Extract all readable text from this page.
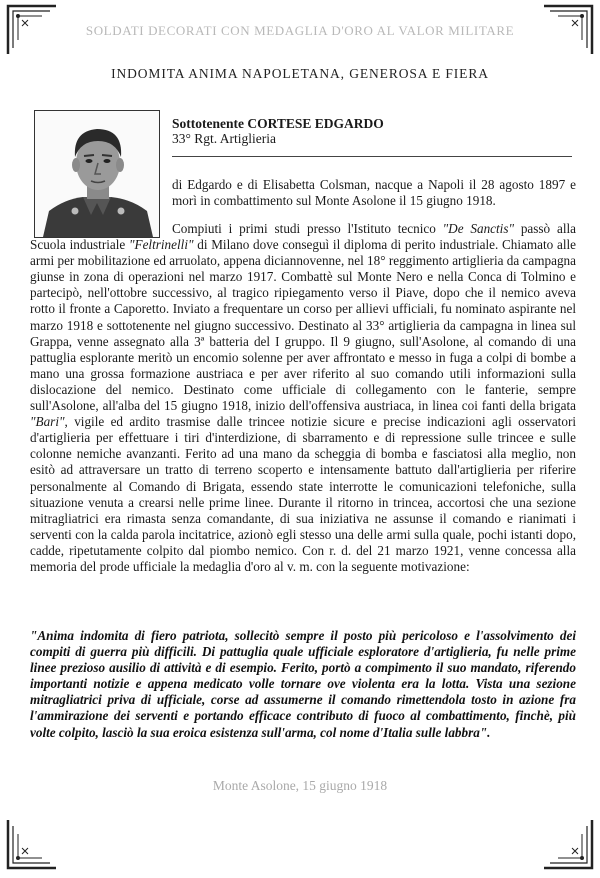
SOLDATI DECORATI CON MEDAGLIA D'ORO AL VALOR MILITARE
INDOMITA ANIMA NAPOLETANA, GENEROSA E FIERA
Sottotenente CORTESE EDGARDO
33° Rgt. Artiglieria

di Edgardo e di Elisabetta Colsman, nacque a Napoli il 28 agosto 1897 e morì in combattimento sul Monte Asolone il 15 giugno 1918.

Compiuti i primi studi presso l'Istituto tecnico "De Sanctis" passò alla Scuola industriale "Feltrinelli" di Milano dove conseguì il diploma di perito industriale. Chiamato alle armi per mobilitazione ed arruolato, appena diciannovenne, nel 18° reggimento artiglieria da campagna giunse in zona di operazioni nel marzo 1917. Combattè sul Monte Nero e nella Conca di Tolmino e partecipò, nell'ottobre successivo, al tragico ripiegamento verso il Piave, dopo che il nemico aveva rotto il fronte a Caporetto. Inviato a frequentare un corso per allievi ufficiali, fu nominato aspirante nel marzo 1918 e sottotenente nel giugno successivo. Destinato al 33° artiglieria da campagna in linea sul Grappa, venne assegnato alla 3ª batteria del I gruppo. Il 9 giugno, sull'Asolone, al comando di una pattuglia esplorante meritò un encomio solenne per aver affrontato e messo in fuga a colpi di bombe a mano una grossa formazione austriaca e per aver riferito al suo comando utili informazioni sulla dislocazione del nemico. Destinato come ufficiale di collegamento con le fanterie, sempre sull'Asolone, all'alba del 15 giugno 1918, inizio dell'offensiva austriaca, in linea coi fanti della brigata "Bari", vigile ed ardito trasmise dalle trincee notizie sicure e precise indicazioni agli osservatori d'artiglieria per effettuare i tiri d'interdizione, di sbarramento e di repressione sulle trincee e sulle colonne nemiche avanzanti. Ferito ad una mano da scheggia di bomba e fasciatosi alla meglio, non esitò ad attraversare un tratto di terreno scoperto e intensamente battuto dall'artiglieria per riferire personalmente al Comando di Brigata, essendo state interrotte le comunicazioni telefoniche, sulla situazione venuta a crearsi nelle prime linee. Durante il ritorno in trincea, accortosi che una sezione mitragliatrici era rimasta senza comandante, di sua iniziativa ne assunse il comando e rianimati i serventi con la calda parola incitatrice, azionò egli stesso una delle armi sulla quale, pochi istanti dopo, cadde, ripetutamente colpito dal piombo nemico. Con r. d. del 21 marzo 1921, venne concessa alla memoria del prode ufficiale la medaglia d'oro al v. m. con la seguente motivazione:

"Anima indomita di fiero patriota, sollecitò sempre il posto più pericoloso e l'assolvimento dei compiti di guerra più difficili. Di pattuglia quale ufficiale esploratore d'artiglieria, fu nelle prime linee prezioso ausilio di attività e di esempio. Ferito, portò a compimento il suo mandato, riferendo importanti notizie e appena medicato volle tornare ove violenta era la lotta. Vista una sezione mitragliatrici priva di ufficiale, corse ad assumerne il comando rimettendola tosto in azione fra l'ammirazione dei serventi e portando efficace contributo di fuoco al combattimento, finchè, più volte colpito, lasciò la sua eroica esistenza sull'arma, col nome d'Italia sulle labbra".

Monte Asolone, 15 giugno 1918
